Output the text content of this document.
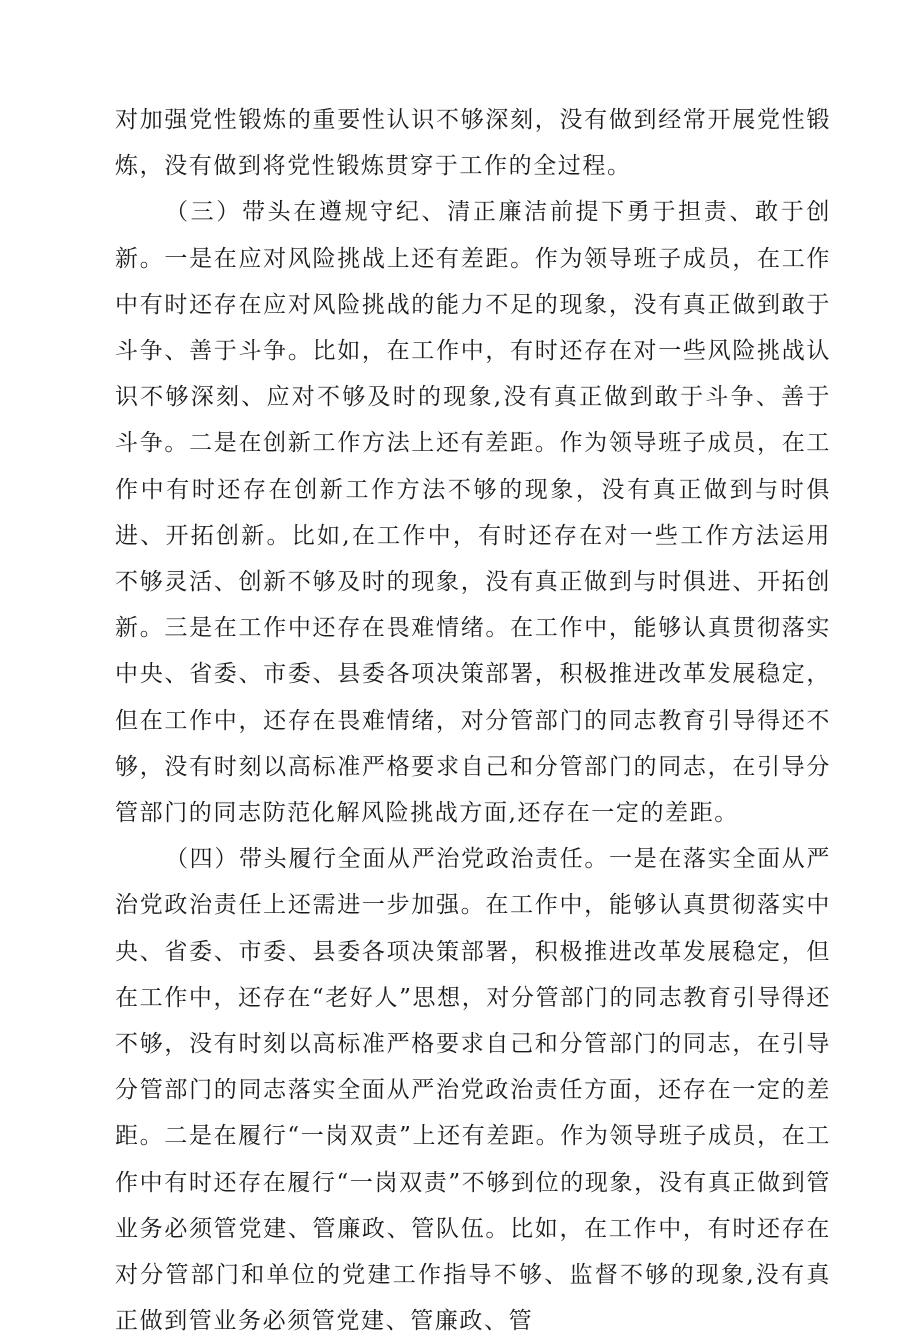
对加强党性锻炼的重要性认识不够深刻，没有做到经常开展党性锻炼，没有做到将党性锻炼贯穿于工作的全过程。

（三）带头在遵规守纪、清正廉洁前提下勇于担责、敢于创新。一是在应对风险挑战上还有差距。作为领导班子成员，在工作中有时还存在应对风险挑战的能力不足的现象，没有真正做到敢于斗争、善于斗争。比如，在工作中，有时还存在对一些风险挑战认识不够深刻、应对不够及时的现象,没有真正做到敢于斗争、善于斗争。二是在创新工作方法上还有差距。作为领导班子成员，在工作中有时还存在创新工作方法不够的现象，没有真正做到与时俱进、开拓创新。比如,在工作中，有时还存在对一些工作方法运用不够灵活、创新不够及时的现象，没有真正做到与时俱进、开拓创新。三是在工作中还存在畏难情绪。在工作中，能够认真贯彻落实中央、省委、市委、县委各项决策部署，积极推进改革发展稳定，但在工作中，还存在畏难情绪，对分管部门的同志教育引导得还不够，没有时刻以高标准严格要求自己和分管部门的同志，在引导分管部门的同志防范化解风险挑战方面,还存在一定的差距。

（四）带头履行全面从严治党政治责任。一是在落实全面从严治党政治责任上还需进一步加强。在工作中，能够认真贯彻落实中央、省委、市委、县委各项决策部署，积极推进改革发展稳定，但在工作中，还存在“老好人”思想，对分管部门的同志教育引导得还不够，没有时刻以高标准严格要求自己和分管部门的同志，在引导分管部门的同志落实全面从严治党政治责任方面，还存在一定的差距。二是在履行“一岗双责”上还有差距。作为领导班子成员，在工作中有时还存在履行“一岗双责”不够到位的现象，没有真正做到管业务必须管党建、管廉政、管队伍。比如，在工作中，有时还存在对分管部门和单位的党建工作指导不够、监督不够的现象,没有真正做到管业务必须管党建、管廉政、管
